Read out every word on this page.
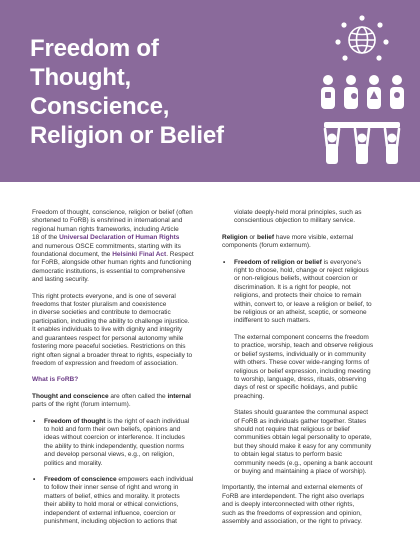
Freedom of
Thought,
Conscience,
Religion or Belief

Freedom of thought, conscience, religion or belief (often
shortened to FoRB) is enshrined in international and
regional human rights frameworks, including Article
18 of the Universal Declaration of Human Rights
and numerous OSCE commitments, starting with its
foundational document, the Helsinki Final Act. Respect
for FoRB, alongside other human rights and functioning
democratic institutions, is essential to comprehensive
and lasting security.

This right protects everyone, and is one of several
freedoms that foster pluralism and coexistence
in diverse societies and contribute to democratic
participation, including the ability to challenge injustice.
It enables individuals to live with dignity and integrity
and guarantees respect for personal autonomy while
fostering more peaceful societies. Restrictions on this
right often signal a broader threat to rights, especially to
freedom of expression and freedom of association.

What is FoRB?

Thought and conscience are often called the internal
parts of the right (forum internum).

• Freedom of thought is the right of each individual
to hold and form their own beliefs, opinions and
ideas without coercion or interference. It includes
the ability to think independently, question norms
and develop personal views, e.g., on religion,
politics and morality.
• Freedom of conscience empowers each individual
to follow their inner sense of right and wrong in
matters of belief, ethics and morality. It protects
their ability to hold moral or ethical convictions,
independent of external influence, coercion or
punishment, including objection to actions that

violate deeply-held moral principles, such as
conscientious objection to military service.

Religion or belief have more visible, external
components (forum externum).

• Freedom of religion or belief is everyone's
right to choose, hold, change or reject religious
or non-religious beliefs, without coercion or
discrimination. It is a right for people, not
religions, and protects their choice to remain
within, convert to, or leave a religion or belief, to
be religious or an atheist, sceptic, or someone
indifferent to such matters.

The external component concerns the freedom
to practice, worship, teach and observe religious
or belief systems, individually or in community
with others. These cover wide-ranging forms of
religious or belief expression, including meeting
to worship, language, dress, rituals, observing
days of rest or specific holidays, and public
preaching.

States should guarantee the communal aspect
of FoRB as individuals gather together. States
should not require that religious or belief
communities obtain legal personality to operate,
but they should make it easy for any community
to obtain legal status to perform basic
community needs (e.g., opening a bank account
or buying and maintaining a place of worship).

Importantly, the internal and external elements of
FoRB are interdependent. The right also overlaps
and is deeply interconnected with other rights,
such as the freedoms of expression and opinion,
assembly and association, or the right to privacy.
